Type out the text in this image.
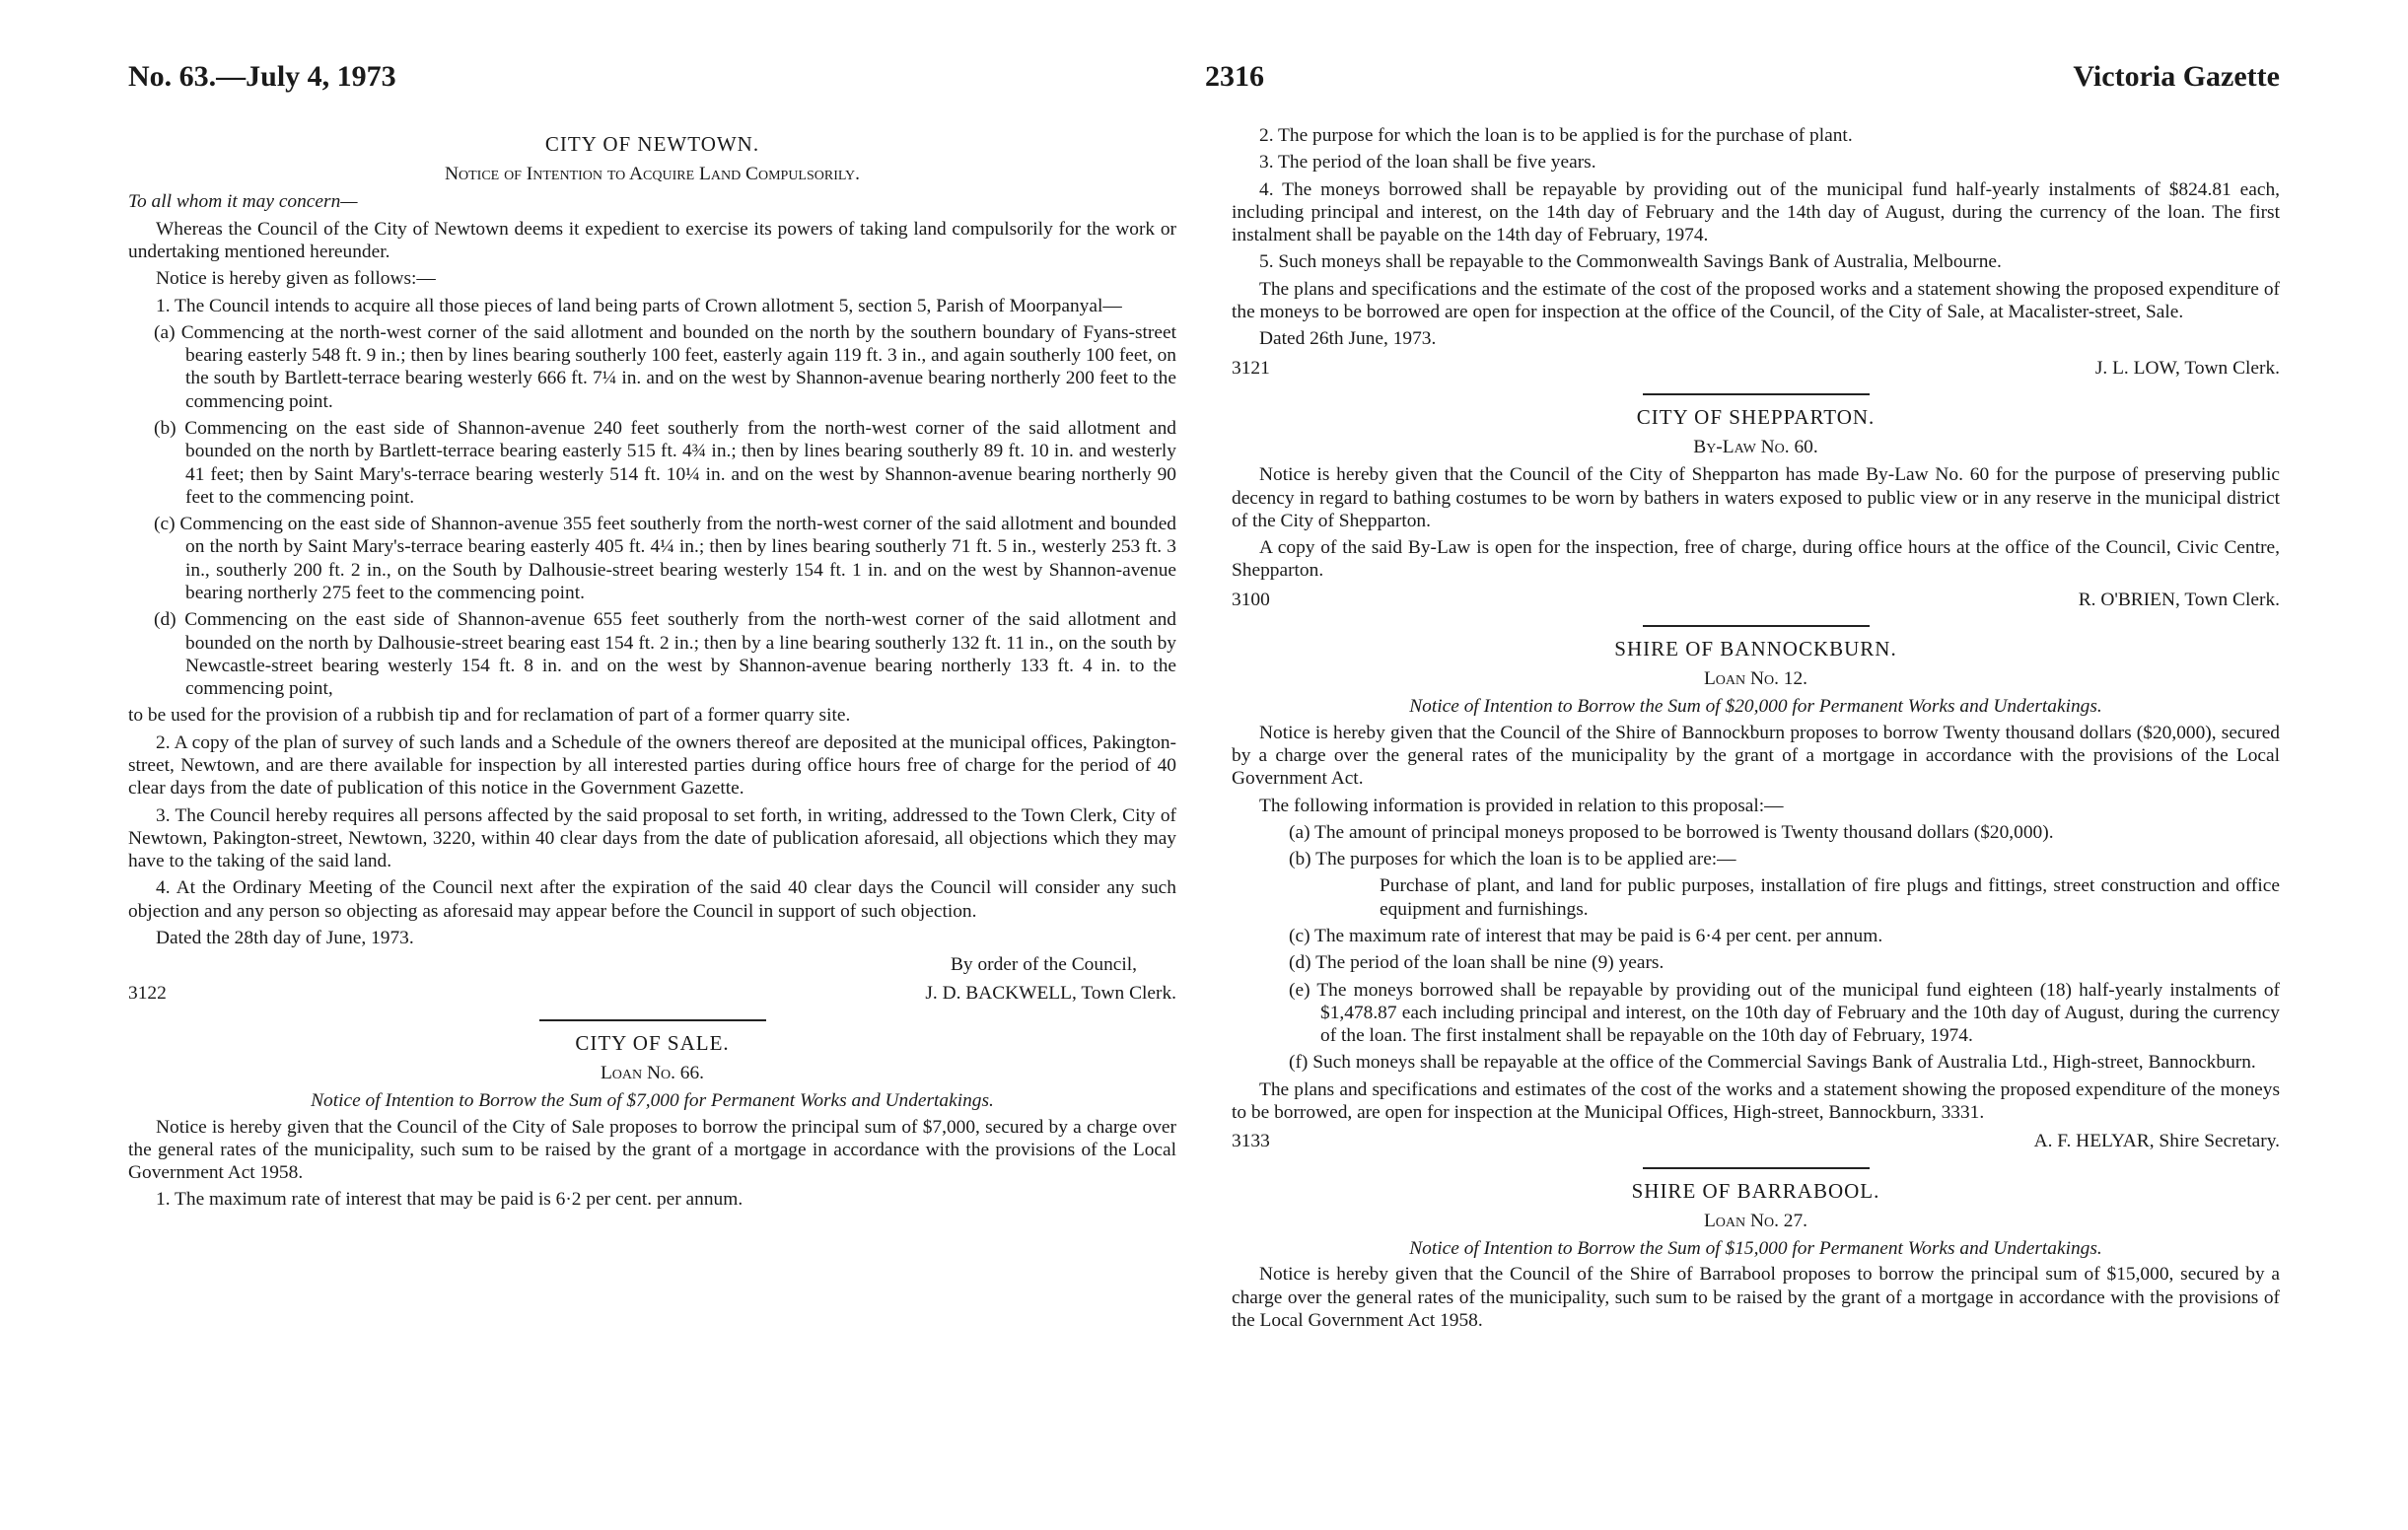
No. 63.—July 4, 1973	2316	Victoria Gazette
CITY OF NEWTOWN.
Notice of Intention to Acquire Land Compulsorily.

To all whom it may concern—

Whereas the Council of the City of Newtown deems it expedient to exercise its powers of taking land compulsorily for the work or undertaking mentioned hereunder.

Notice is hereby given as follows:—

1. The Council intends to acquire all those pieces of land being parts of Crown allotment 5, section 5, Parish of Moorpanyal—

(a) Commencing at the north-west corner of the said allotment and bounded on the north by the southern boundary of Fyans-street bearing easterly 548 ft. 9 in.; then by lines bearing southerly 100 feet, easterly again 119 ft. 3 in., and again southerly 100 feet, on the south by Bartlett-terrace bearing westerly 666 ft. 7¼ in. and on the west by Shannon-avenue bearing northerly 200 feet to the commencing point.

(b) Commencing on the east side of Shannon-avenue 240 feet southerly from the north-west corner of the said allotment and bounded on the north by Bartlett-terrace bearing easterly 515 ft. 4¾ in.; then by lines bearing southerly 89 ft. 10 in. and westerly 41 feet; then by Saint Mary's-terrace bearing westerly 514 ft. 10¼ in. and on the west by Shannon-avenue bearing northerly 90 feet to the commencing point.

(c) Commencing on the east side of Shannon-avenue 355 feet southerly from the north-west corner of the said allotment and bounded on the north by Saint Mary's-terrace bearing easterly 405 ft. 4¼ in.; then by lines bearing southerly 71 ft. 5 in., westerly 253 ft. 3 in., southerly 200 ft. 2 in., on the South by Dalhousie-street bearing westerly 154 ft. 1 in. and on the west by Shannon-avenue bearing northerly 275 feet to the commencing point.

(d) Commencing on the east side of Shannon-avenue 655 feet southerly from the north-west corner of the said allotment and bounded on the north by Dalhousie-street bearing east 154 ft. 2 in.; then by a line bearing southerly 132 ft. 11 in., on the south by Newcastle-street bearing westerly 154 ft. 8 in. and on the west by Shannon-avenue bearing northerly 133 ft. 4 in. to the commencing point,

to be used for the provision of a rubbish tip and for reclamation of part of a former quarry site.

2. A copy of the plan of survey of such lands and a Schedule of the owners thereof are deposited at the municipal offices, Pakington-street, Newtown, and are there available for inspection by all interested parties during office hours free of charge for the period of 40 clear days from the date of publication of this notice in the Government Gazette.

3. The Council hereby requires all persons affected by the said proposal to set forth, in writing, addressed to the Town Clerk, City of Newtown, Pakington-street, Newtown, 3220, within 40 clear days from the date of publication aforesaid, all objections which they may have to the taking of the said land.

4. At the Ordinary Meeting of the Council next after the expiration of the said 40 clear days the Council will consider any such objection and any person so objecting as aforesaid may appear before the Council in support of such objection.

Dated the 28th day of June, 1973.

By order of the Council,
3122	J. D. BACKWELL, Town Clerk.
CITY OF SALE.
Loan No. 66.
Notice of Intention to Borrow the Sum of $7,000 for Permanent Works and Undertakings.

Notice is hereby given that the Council of the City of Sale proposes to borrow the principal sum of $7,000, secured by a charge over the general rates of the municipality, such sum to be raised by the grant of a mortgage in accordance with the provisions of the Local Government Act 1958.

1. The maximum rate of interest that may be paid is 6·2 per cent. per annum.

2. The purpose for which the loan is to be applied is for the purchase of plant.

3. The period of the loan shall be five years.

4. The moneys borrowed shall be repayable by providing out of the municipal fund half-yearly instalments of $824.81 each, including principal and interest, on the 14th day of February and the 14th day of August, during the currency of the loan. The first instalment shall be payable on the 14th day of February, 1974.

5. Such moneys shall be repayable to the Commonwealth Savings Bank of Australia, Melbourne.

The plans and specifications and the estimate of the cost of the proposed works and a statement showing the proposed expenditure of the moneys to be borrowed are open for inspection at the office of the Council, of the City of Sale, at Macalister-street, Sale.

Dated 26th June, 1973.

3121	J. L. LOW, Town Clerk.
CITY OF SHEPPARTON.
By-Law No. 60.

Notice is hereby given that the Council of the City of Shepparton has made By-Law No. 60 for the purpose of preserving public decency in regard to bathing costumes to be worn by bathers in waters exposed to public view or in any reserve in the municipal district of the City of Shepparton.

A copy of the said By-Law is open for the inspection, free of charge, during office hours at the office of the Council, Civic Centre, Shepparton.

3100	R. O'BRIEN, Town Clerk.
SHIRE OF BANNOCKBURN.
Loan No. 12.
Notice of Intention to Borrow the Sum of $20,000 for Permanent Works and Undertakings.

Notice is hereby given that the Council of the Shire of Bannockburn proposes to borrow Twenty thousand dollars ($20,000), secured by a charge over the general rates of the municipality by the grant of a mortgage in accordance with the provisions of the Local Government Act.

The following information is provided in relation to this proposal:—

(a) The amount of principal moneys proposed to be borrowed is Twenty thousand dollars ($20,000).

(b) The purposes for which the loan is to be applied are:—

Purchase of plant, and land for public purposes, installation of fire plugs and fittings, street construction and office equipment and furnishings.

(c) The maximum rate of interest that may be paid is 6·4 per cent. per annum.

(d) The period of the loan shall be nine (9) years.

(e) The moneys borrowed shall be repayable by providing out of the municipal fund eighteen (18) half-yearly instalments of $1,478.87 each including principal and interest, on the 10th day of February and the 10th day of August, during the currency of the loan. The first instalment shall be repayable on the 10th day of February, 1974.

(f) Such moneys shall be repayable at the office of the Commercial Savings Bank of Australia Ltd., High-street, Bannockburn.

The plans and specifications and estimates of the cost of the works and a statement showing the proposed expenditure of the moneys to be borrowed, are open for inspection at the Municipal Offices, High-street, Bannockburn, 3331.

3133	A. F. HELYAR, Shire Secretary.
SHIRE OF BARRABOOL.
Loan No. 27.
Notice of Intention to Borrow the Sum of $15,000 for Permanent Works and Undertakings.

Notice is hereby given that the Council of the Shire of Barrabool proposes to borrow the principal sum of $15,000, secured by a charge over the general rates of the municipality, such sum to be raised by the grant of a mortgage in accordance with the provisions of the Local Government Act 1958.
